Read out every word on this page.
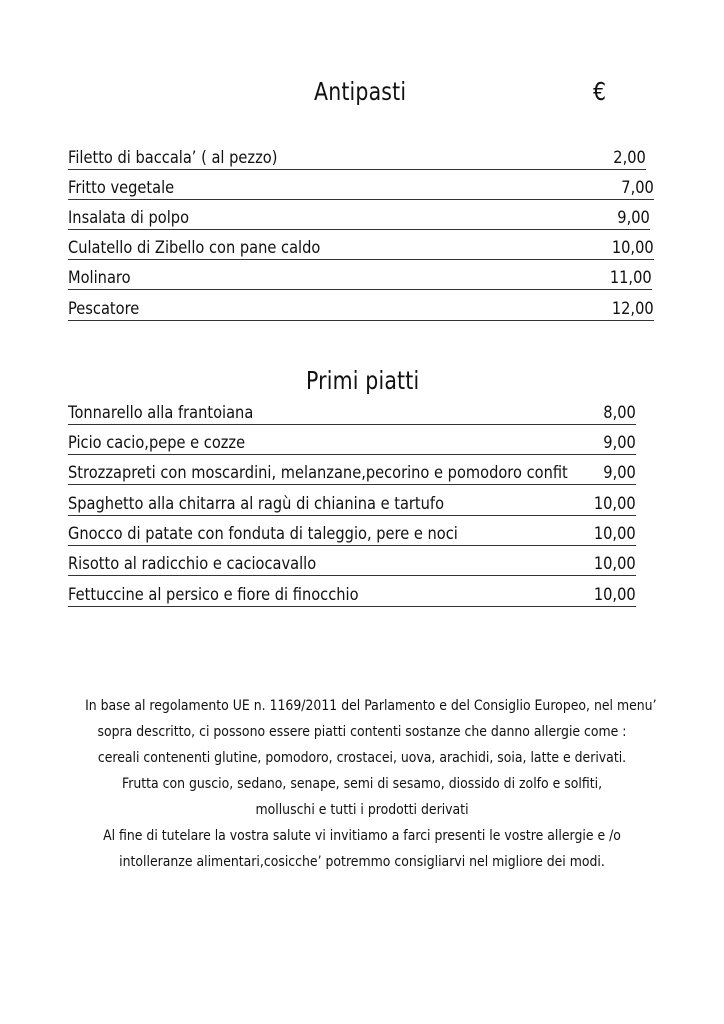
Antipasti	€
Filetto di baccala’ ( al pezzo)	2,00
Fritto vegetale	7,00
Insalata di polpo	9,00
Culatello di Zibello con pane caldo	10,00
Molinaro	11,00
Pescatore	12,00
Primi piatti
Tonnarello alla frantoiana	8,00
Picio cacio,pepe e cozze	9,00
Strozzapreti con moscardini, melanzane,pecorino e pomodoro confit 9,00
Spaghetto alla chitarra al ragù di chianina e tartufo	10,00
Gnocco di patate con fonduta di taleggio, pere e noci	10,00
Risotto al radicchio e caciocavallo	10,00
Fettuccine al persico e fiore di finocchio	10,00
In base al regolamento UE n. 1169/2011 del Parlamento e del Consiglio Europeo, nel menu’
sopra descritto, ci possono essere piatti contenti sostanze che danno allergie come :
cereali contenenti glutine, pomodoro, crostacei, uova, arachidi, soia, latte e derivati.
Frutta con guscio, sedano, senape, semi di sesamo, diossido di zolfo e solfiti,
molluschi e tutti i prodotti derivati
Al fine di tutelare la vostra salute vi invitiamo a farci presenti le vostre allergie e /o
intolleranze alimentari,cosicche’ potremmo consigliarvi nel migliore dei modi.
